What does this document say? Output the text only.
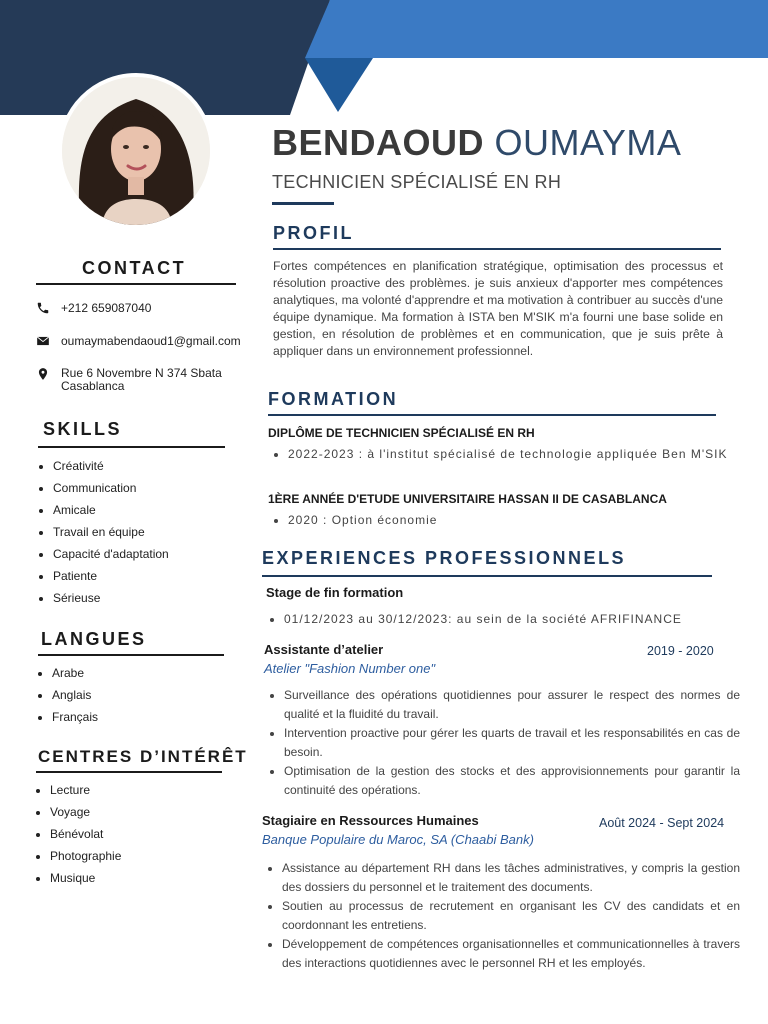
BENDAOUD OUMAYMA
TECHNICIEN SPÉCIALISÉ EN RH
CONTACT
+212 659087040
oumaymabendaoud1@gmail.com
Rue 6 Novembre N 374 Sbata
Casablanca
SKILLS
• Créativité
• Communication
• Amicale
• Travail en équipe
• Capacité d'adaptation
• Patiente
• Sérieuse
LANGUES
• Arabe
• Anglais
• Français
CENTRES D’INTÉRÊT
• Lecture
• Voyage
• Bénévolat
• Photographie
• Musique
PROFIL
Fortes compétences en planification stratégique, optimisation des processus et résolution proactive des problèmes. je suis anxieux d'apporter mes compétences analytiques, ma volonté d'apprendre et ma motivation à contribuer au succès d'une équipe dynamique. Ma formation à ISTA ben M'SIK m'a fourni une base solide en gestion, en résolution de problèmes et en communication, que je suis prête à appliquer dans un environnement professionnel.
FORMATION
DIPLÔME DE TECHNICIEN SPÉCIALISÉ EN RH
• 2022-2023 : à l'institut spécialisé de technologie appliquée Ben M'SIK
1ÈRE ANNÉE D'ETUDE UNIVERSITAIRE HASSAN II DE CASABLANCA
• 2020 : Option économie
EXPERIENCES PROFESSIONNELS
Stage de fin formation
• 01/12/2023 au 30/12/2023: au sein de la société AFRIFINANCE
Assistante d’atelier	2019 - 2020
Atelier "Fashion Number one"
• Surveillance des opérations quotidiennes pour assurer le respect des normes de qualité et la fluidité du travail.
• Intervention proactive pour gérer les quarts de travail et les responsabilités en cas de besoin.
• Optimisation de la gestion des stocks et des approvisionnements pour garantir la continuité des opérations.
Stagiaire en Ressources Humaines	Août 2024 - Sept 2024
Banque Populaire du Maroc, SA (Chaabi Bank)
• Assistance au département RH dans les tâches administratives, y compris la gestion des dossiers du personnel et le traitement des documents.
• Soutien au processus de recrutement en organisant les CV des candidats et en coordonnant les entretiens.
• Développement de compétences organisationnelles et communicationnelles à travers des interactions quotidiennes avec le personnel RH et les employés.
